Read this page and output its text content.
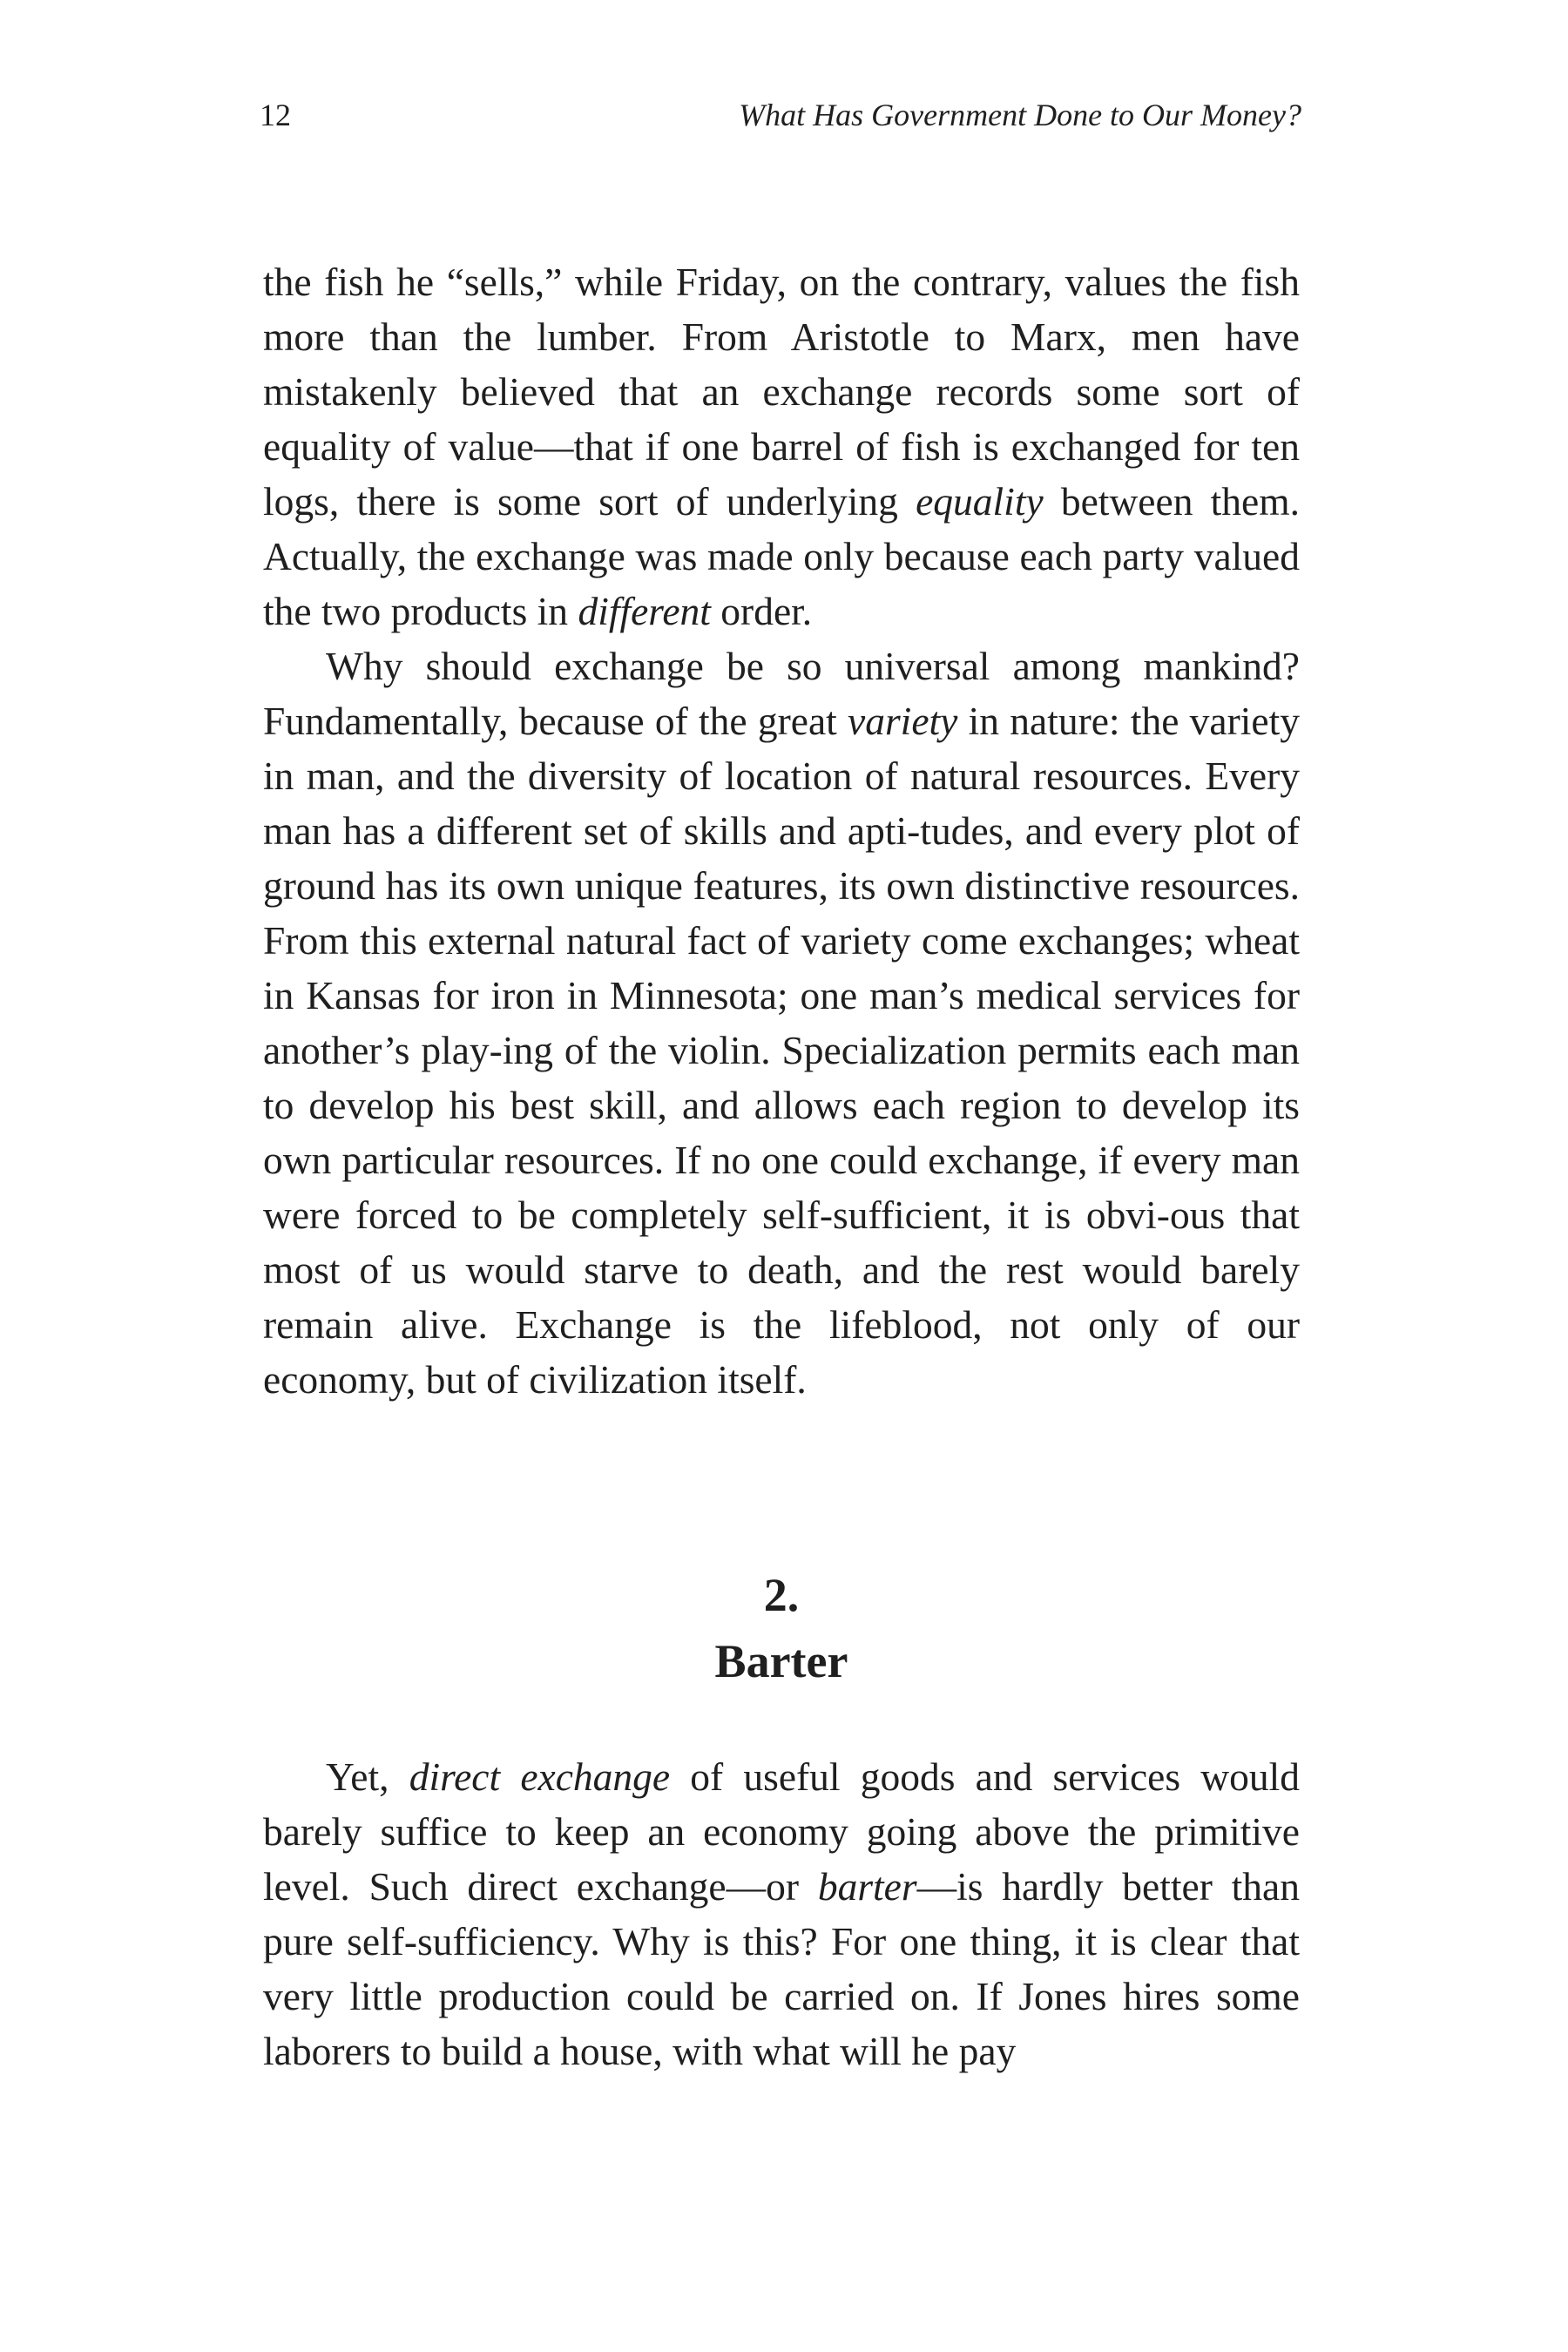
12	What Has Government Done to Our Money?

the fish he “sells,” while Friday, on the contrary, values the fish more than the lumber. From Aristotle to Marx, men have mistakenly believed that an exchange records some sort of equality of value—that if one barrel of fish is exchanged for ten logs, there is some sort of underlying equality between them. Actually, the exchange was made only because each party valued the two products in different order.

Why should exchange be so universal among mankind? Fundamentally, because of the great variety in nature: the variety in man, and the diversity of location of natural resources. Every man has a different set of skills and apti-tudes, and every plot of ground has its own unique features, its own distinctive resources. From this external natural fact of variety come exchanges; wheat in Kansas for iron in Minnesota; one man’s medical services for another’s play-ing of the violin. Specialization permits each man to develop his best skill, and allows each region to develop its own particular resources. If no one could exchange, if every man were forced to be completely self-sufficient, it is obvi-ous that most of us would starve to death, and the rest would barely remain alive. Exchange is the lifeblood, not only of our economy, but of civilization itself.

2.
Barter

Yet, direct exchange of useful goods and services would barely suffice to keep an economy going above the primitive level. Such direct exchange—or barter—is hardly better than pure self-sufficiency. Why is this? For one thing, it is clear that very little production could be carried on. If Jones hires some laborers to build a house, with what will he pay
